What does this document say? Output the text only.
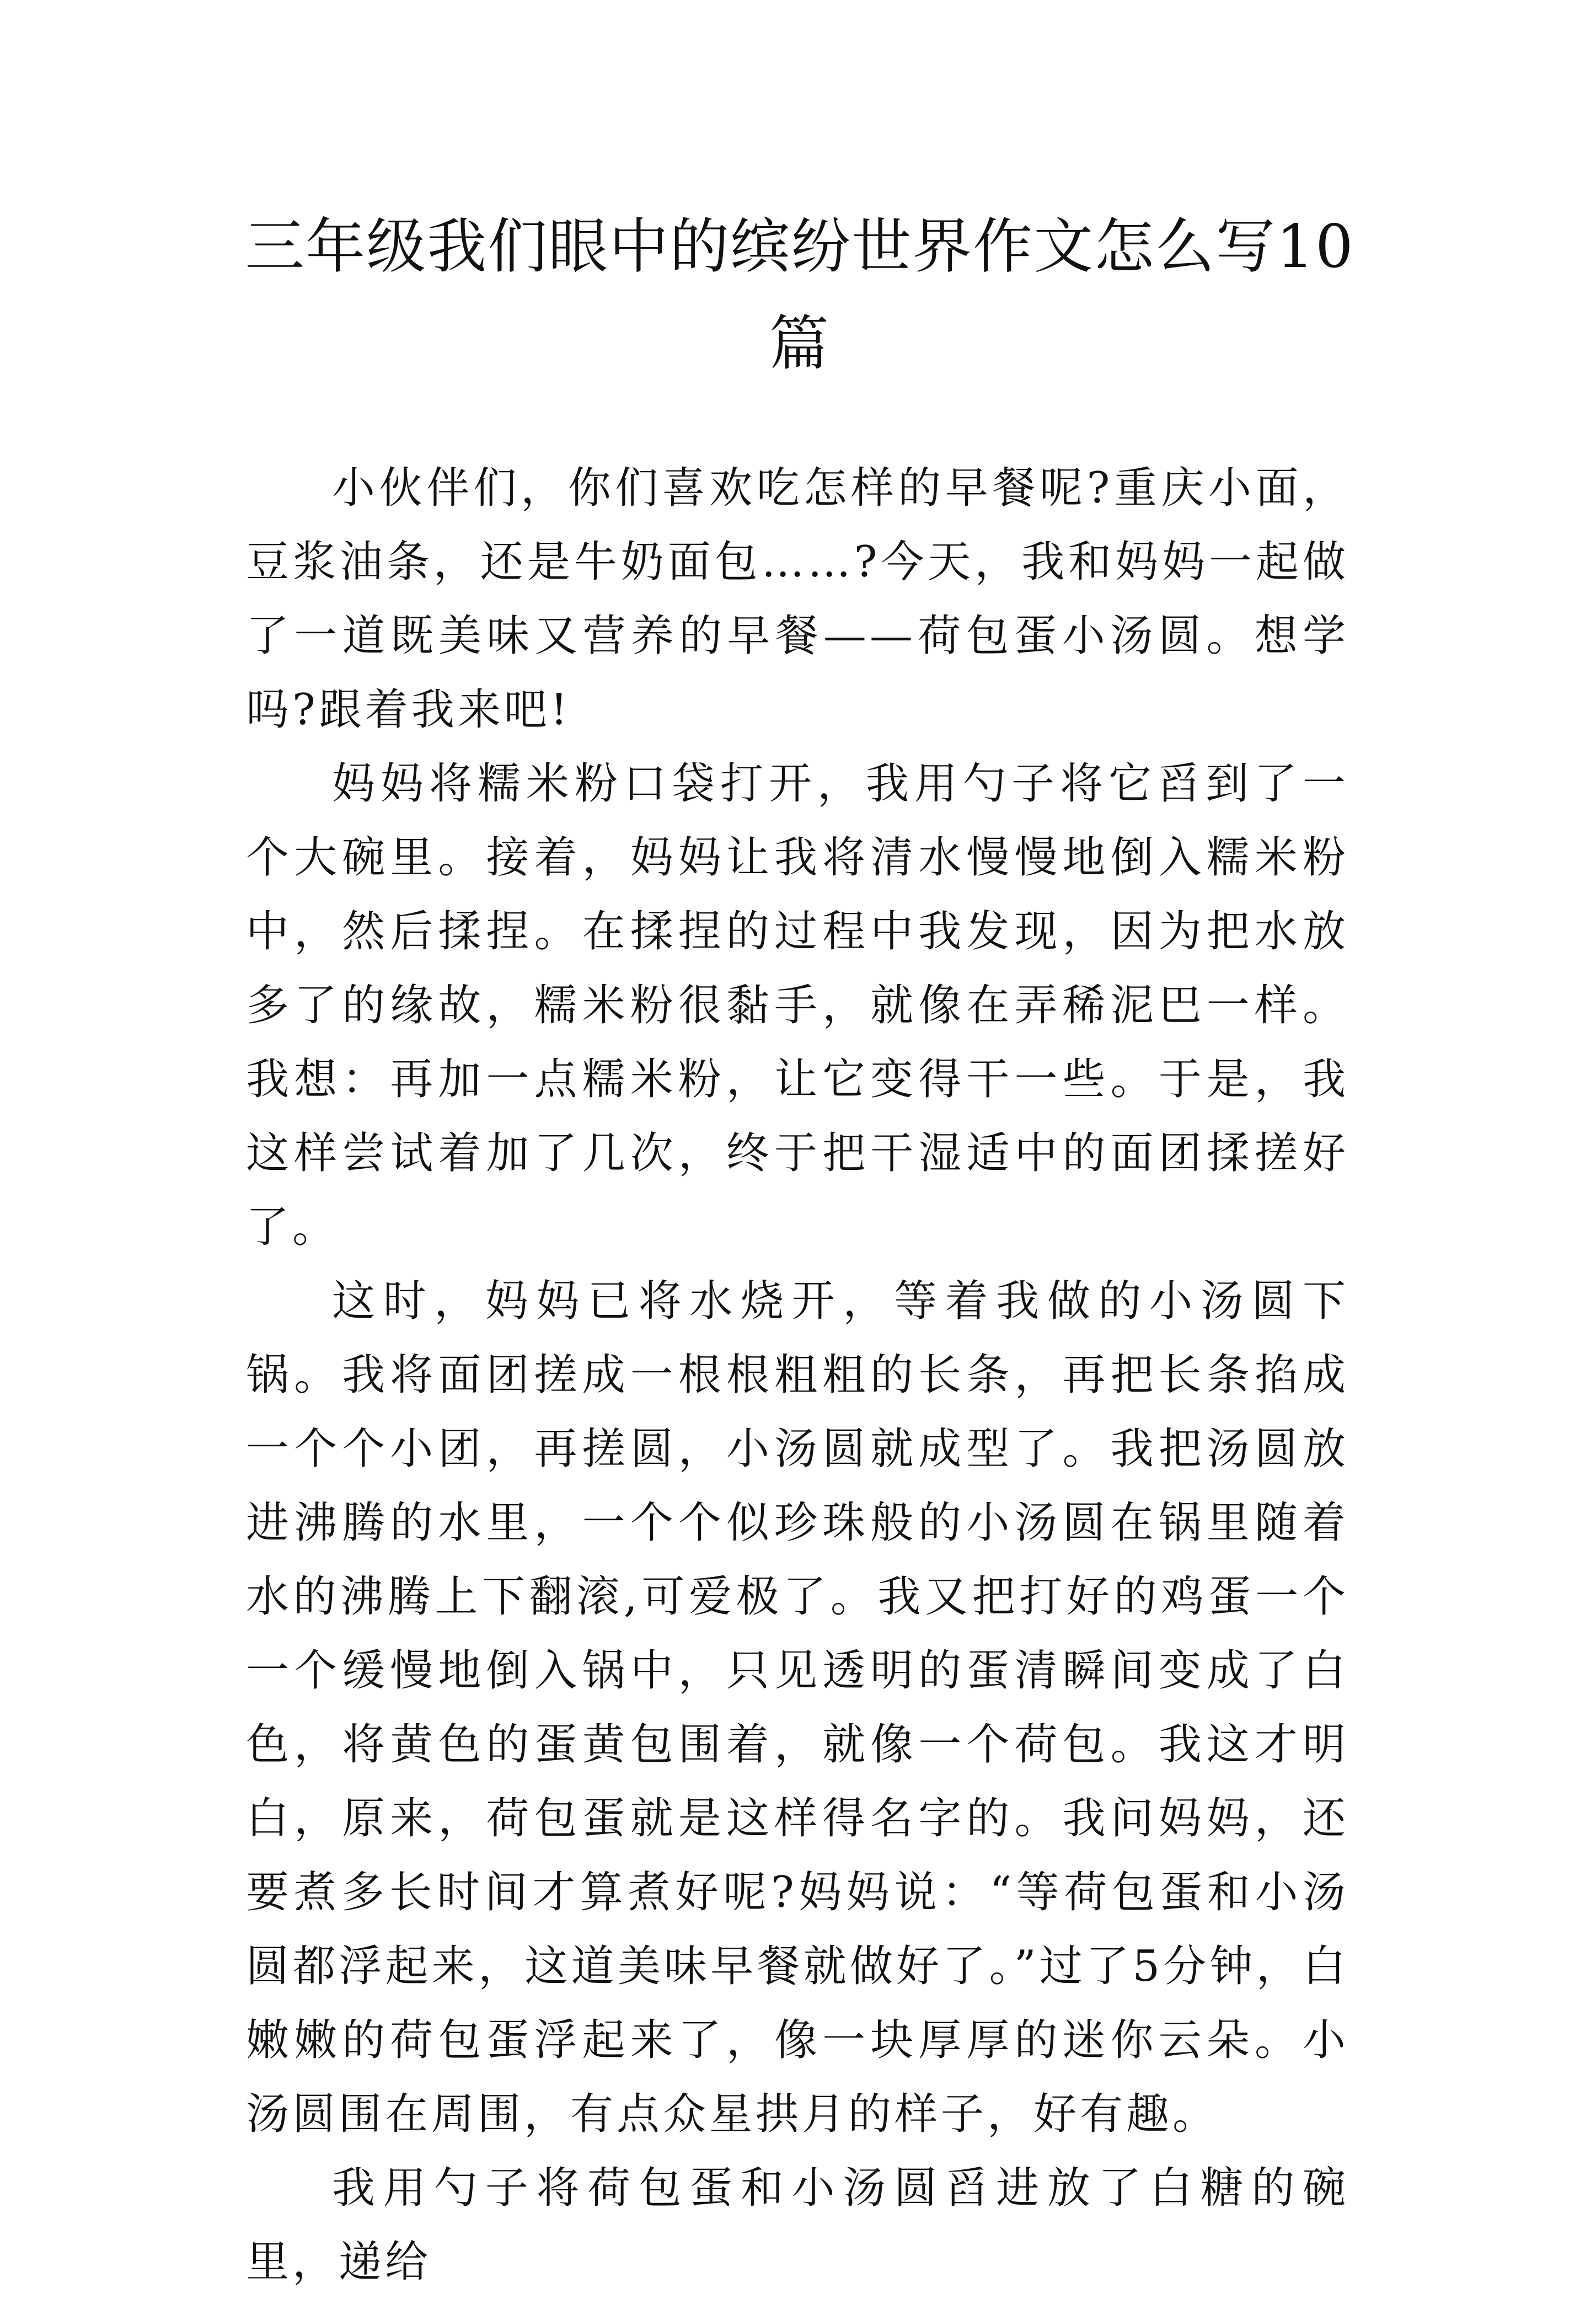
三年级我们眼中的缤纷世界作文怎么写10篇

小伙伴们，你们喜欢吃怎样的早餐呢?重庆小面，豆浆油条，还是牛奶面包……?今天，我和妈妈一起做了一道既美味又营养的早餐——荷包蛋小汤圆。想学吗?跟着我来吧!

妈妈将糯米粉口袋打开，我用勺子将它舀到了一个大碗里。接着，妈妈让我将清水慢慢地倒入糯米粉中，然后揉捏。在揉捏的过程中我发现，因为把水放多了的缘故，糯米粉很黏手，就像在弄稀泥巴一样。我想：再加一点糯米粉，让它变得干一些。于是，我这样尝试着加了几次，终于把干湿适中的面团揉搓好了。

这时，妈妈已将水烧开，等着我做的小汤圆下锅。我将面团搓成一根根粗粗的长条，再把长条掐成一个个小团，再搓圆，小汤圆就成型了。我把汤圆放进沸腾的水里，一个个似珍珠般的小汤圆在锅里随着水的沸腾上下翻滚,可爱极了。我又把打好的鸡蛋一个一个缓慢地倒入锅中，只见透明的蛋清瞬间变成了白色，将黄色的蛋黄包围着，就像一个荷包。我这才明白，原来，荷包蛋就是这样得名字的。我问妈妈，还要煮多长时间才算煮好呢?妈妈说：“等荷包蛋和小汤圆都浮起来，这道美味早餐就做好了。”过了5分钟，白嫩嫩的荷包蛋浮起来了，像一块厚厚的迷你云朵。小汤圆围在周围，有点众星拱月的样子，好有趣。

我用勺子将荷包蛋和小汤圆舀进放了白糖的碗里，递给
